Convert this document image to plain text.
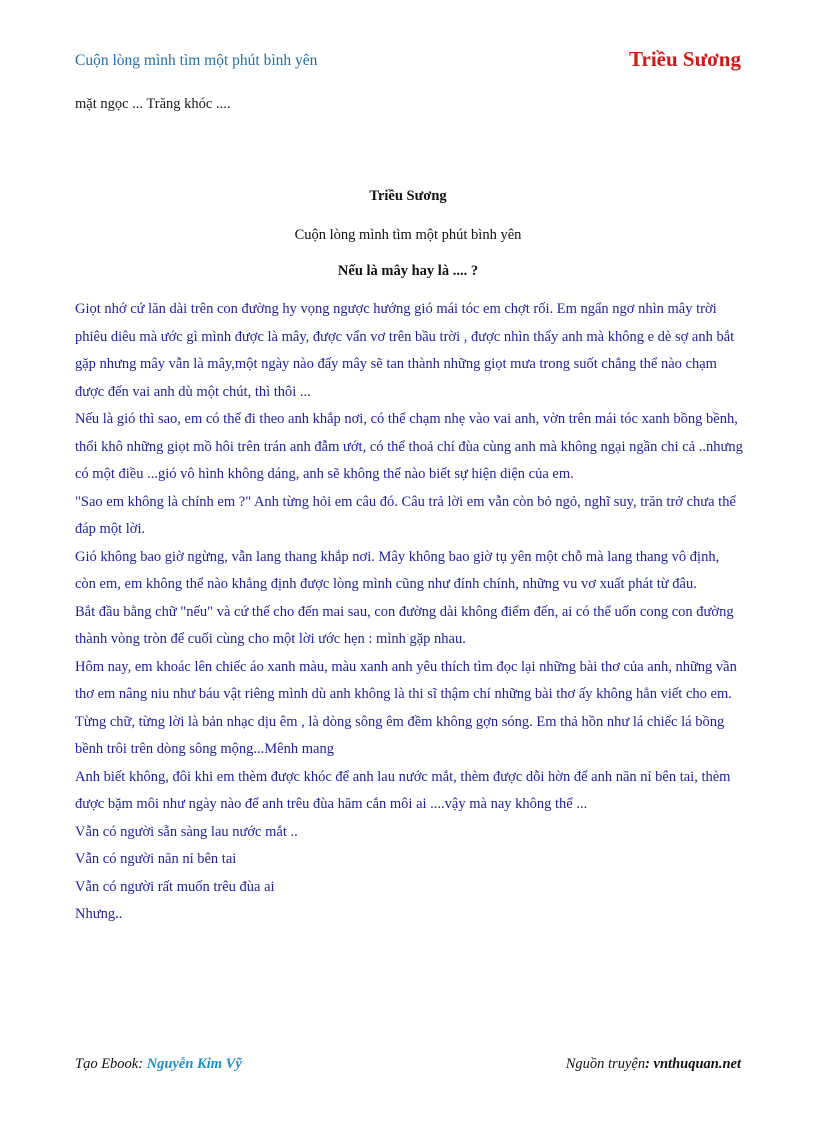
Cuộn lòng mình tìm một phút bình yên	Triều Sương
mặt ngọc ... Trăng khóc ....
Triều Sương
Cuộn lòng mình tìm một phút bình yên
Nếu là mây hay là .... ?

Giọt nhớ cứ lăn dài trên con đường hy vọng ngược hướng gió mái tóc em chợt rối. Em ngẩn ngơ nhìn mây trời phiêu diêu mà ước gì mình được là mây, được vẩn vơ trên bầu trời , được nhìn thấy anh mà không e dè sợ anh bắt gặp nhưng mây vẫn là mây,một ngày nào đấy mây sẽ tan thành những giọt mưa trong suốt chẳng thể nào chạm được đến vai anh dù một chút, thì thôi ...

Nếu là gió thì sao, em có thể đi theo anh khắp nơi, có thể chạm nhẹ vào vai anh, vờn trên mái tóc xanh bồng bềnh, thổi khô những giọt mồ hôi trên trán anh đẫm ướt, có thể thoả chí đùa cùng anh mà không ngại ngần chi cả ..nhưng có một điều ...gió vô hình không dáng, anh sẽ không thể nào biết sự hiện diện của em.

"Sao em không là chính em ?" Anh từng hỏi em câu đó. Câu trả lời em vẫn còn bỏ ngỏ, nghĩ suy, trăn trở chưa thể đáp một lời.

Gió không bao giờ ngừng, vẫn lang thang khắp nơi. Mây không bao giờ tụ yên một chỗ mà lang thang vô định, còn em, em không thể nào khẳng định được lòng mình cũng như đính chính, những vu vơ xuất phát từ đâu.

Bắt đầu bằng chữ "nếu" và cứ thế cho đến mai sau, con đường dài không điểm đến, ai có thể uốn cong con đường thành vòng tròn để cuối cùng cho một lời ước hẹn : mình gặp nhau.

Hôm nay, em khoác lên chiếc áo xanh màu, màu xanh anh yêu thích tìm đọc lại những bài thơ của anh, những vần thơ em nâng niu như báu vật riêng mình dù anh không là thi sĩ thậm chí những bài thơ ấy không hẳn viết cho em. Từng chữ, từng lời là bản nhạc dịu êm , là dòng sông êm đềm không gợn sóng. Em thả hồn như lá chiếc lá bồng bềnh trôi trên dòng sông mộng...Mênh mang

Anh biết không, đôi khi em thèm được khóc để anh lau nước mắt, thèm được dỗi hờn để anh năn nỉ bên tai, thèm được bặm môi như ngày nào để anh trêu đùa hăm cắn môi ai ....vậy mà nay không thể ...

Vẫn có người sẵn sàng lau nước mắt ..

Vẫn có người năn nỉ bên tai

Vẫn có người rất muốn trêu đùa ai

Nhưng..

Tạo Ebook: Nguyễn Kim Vỹ	Nguồn truyện: vnthuquan.net
